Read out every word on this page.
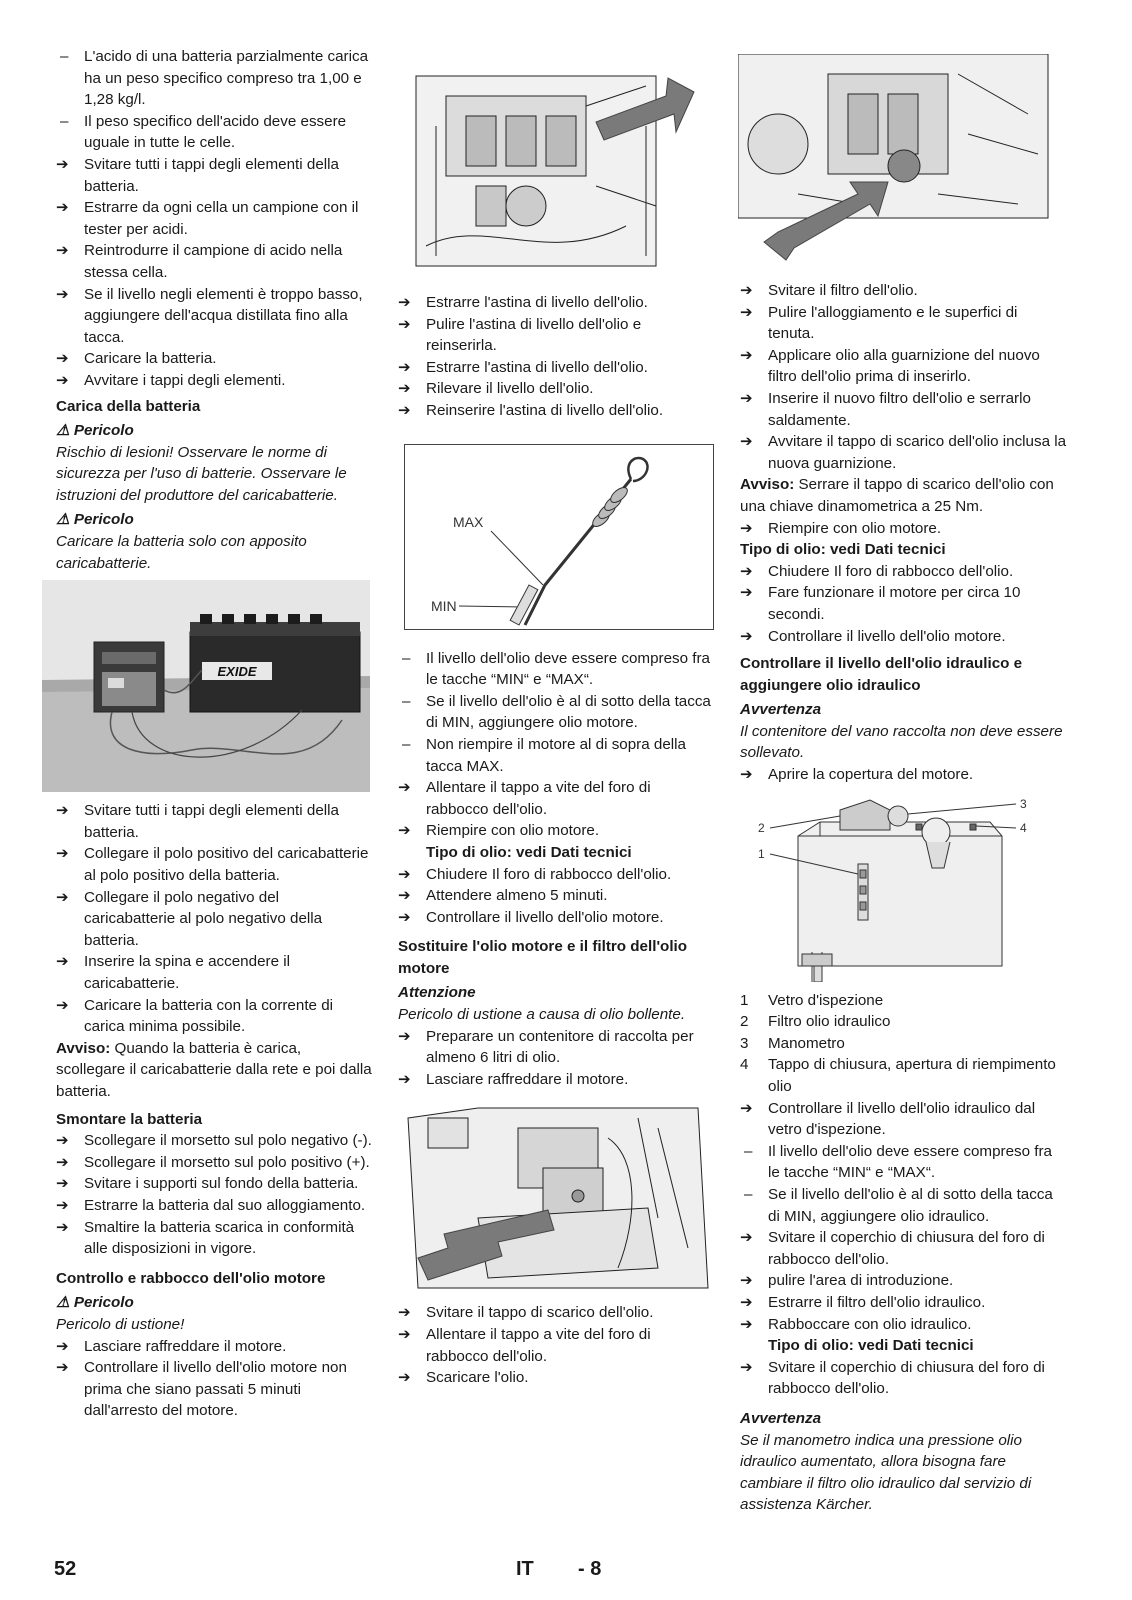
–	L'acido di una batteria parzialmente carica ha un peso specifico compreso tra 1,00 e 1,28 kg/l.
–	Il peso specifico dell'acido deve essere uguale in tutte le celle.
➔	Svitare tutti i tappi degli elementi della batteria.
➔	Estrarre da ogni cella un campione con il tester per acidi.
➔	Reintrodurre il campione di acido nella stessa cella.
➔	Se il livello negli elementi è troppo basso, aggiungere dell'acqua distillata fino alla tacca.
➔	Caricare la batteria.
➔	Avvitare i tappi degli elementi.
Carica della batteria
⚠ Pericolo
Rischio di lesioni! Osservare le norme di sicurezza per l'uso di batterie. Osservare le istruzioni del produttore del caricabatterie.
⚠ Pericolo
Caricare la batteria solo con apposito caricabatterie.
EXIDE
➔	Svitare tutti i tappi degli elementi della batteria.
➔	Collegare il polo positivo del caricabatterie al polo positivo della batteria.
➔	Collegare il polo negativo del caricabatterie al polo negativo della batteria.
➔	Inserire la spina e accendere il caricabatterie.
➔	Caricare la batteria con la corrente di carica minima possibile.
Avviso: Quando la batteria è carica, scollegare il caricabatterie dalla rete e poi dalla batteria.
Smontare la batteria
➔	Scollegare il morsetto sul polo negativo (-).
➔	Scollegare il morsetto sul polo positivo (+).
➔	Svitare i supporti sul fondo della batteria.
➔	Estrarre la batteria dal suo alloggiamento.
➔	Smaltire la batteria scarica in conformità alle disposizioni in vigore.
Controllo e rabbocco dell'olio motore
⚠ Pericolo
Pericolo di ustione!
➔	Lasciare raffreddare il motore.
➔	Controllare il livello dell'olio motore non prima che siano passati 5 minuti dall'arresto del motore.
➔	Estrarre l'astina di livello dell'olio.
➔	Pulire l'astina di livello dell'olio e reinserirla.
➔	Estrarre l'astina di livello dell'olio.
➔	Rilevare il livello dell'olio.
➔	Reinserire l'astina di livello dell'olio.
MAX
MIN
–	Il livello dell'olio deve essere compreso fra le tacche “MIN“ e “MAX“.
–	Se il livello dell'olio è al di sotto della tacca di MIN, aggiungere olio motore.
–	Non riempire il motore al di sopra della tacca MAX.
➔	Allentare il tappo a vite del foro di rabbocco dell'olio.
➔	Riempire con olio motore.
Tipo di olio: vedi Dati tecnici
➔	Chiudere Il foro di rabbocco dell'olio.
➔	Attendere almeno 5 minuti.
➔	Controllare il livello dell'olio motore.
Sostituire l'olio motore e il filtro dell'olio motore
Attenzione
Pericolo di ustione a causa di olio bollente.
➔	Preparare un contenitore di raccolta per almeno 6 litri di olio.
➔	Lasciare raffreddare il motore.
➔	Svitare il tappo di scarico dell'olio.
➔	Allentare il tappo a vite del foro di rabbocco dell'olio.
➔	Scaricare l'olio.
➔	Svitare il filtro dell'olio.
➔	Pulire l'alloggiamento e le superfici di tenuta.
➔	Applicare olio alla guarnizione del nuovo filtro dell'olio prima di inserirlo.
➔	Inserire il nuovo filtro dell'olio e serrarlo saldamente.
➔	Avvitare il tappo di scarico dell'olio inclusa la nuova guarnizione.
Avviso: Serrare il tappo di scarico dell'olio con una chiave dinamometrica a 25 Nm.
➔	Riempire con olio motore.
Tipo di olio: vedi Dati tecnici
➔	Chiudere Il foro di rabbocco dell'olio.
➔	Fare funzionare il motore per circa 10 secondi.
➔	Controllare il livello dell'olio motore.
Controllare il livello dell'olio idraulico e aggiungere olio idraulico
Avvertenza
Il contenitore del vano raccolta non deve essere sollevato.
➔	Aprire la copertura del motore.
2
1
3
4
1 Vetro d'ispezione
2 Filtro olio idraulico
3 Manometro
4 Tappo di chiusura, apertura di riempimento olio
➔	Controllare il livello dell'olio idraulico dal vetro d'ispezione.
–	Il livello dell'olio deve essere compreso fra le tacche “MIN“ e “MAX“.
–	Se il livello dell'olio è al di sotto della tacca di MIN, aggiungere olio idraulico.
➔	Svitare il coperchio di chiusura del foro di rabbocco dell'olio.
➔	pulire l'area di introduzione.
➔	Estrarre il filtro dell'olio idraulico.
➔	Rabboccare con olio idraulico.
Tipo di olio: vedi Dati tecnici
➔	Svitare il coperchio di chiusura del foro di rabbocco dell'olio.
Avvertenza
Se il manometro indica una pressione olio idraulico aumentato, allora bisogna fare cambiare il filtro olio idraulico dal servizio di assistenza Kärcher.
52	IT - 8
